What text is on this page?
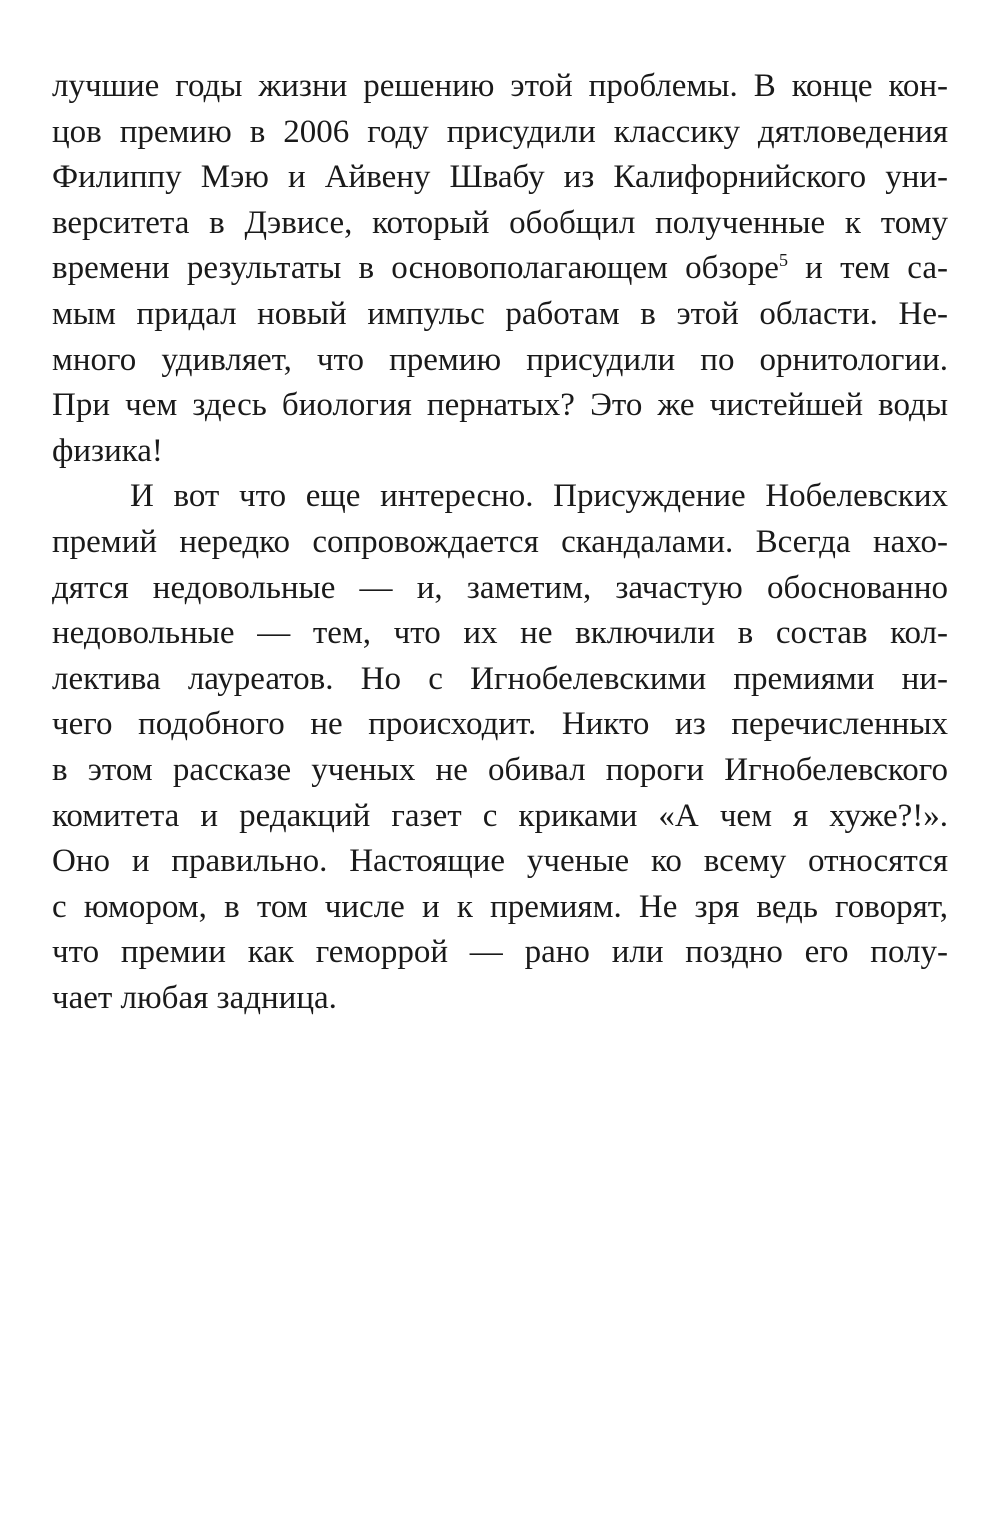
лучшие годы жизни решению этой проблемы. В конце кон-
цов премию в 2006 году присудили классику дятловедения
Филиппу Мэю и Айвену Швабу из Калифорнийского уни-
верситета в Дэвисе, который обобщил полученные к тому
времени результаты в основополагающем обзоре$^5$ и тем са-
мым придал новый импульс работам в этой области. Не-
много удивляет, что премию присудили по орнитологии.
При чем здесь биология пернатых? Это же чистейшей воды
физика!
И вот что еще интересно. Присуждение Нобелевских
премий нередко сопровождается скандалами. Всегда нахо-
дятся недовольные — и, заметим, зачастую обоснованно
недовольные — тем, что их не включили в состав кол-
лектива лауреатов. Но с Игнобелевскими премиями ни-
чего подобного не происходит. Никто из перечисленных
в этом рассказе ученых не обивал пороги Игнобелевского
комитета и редакций газет с криками «А чем я хуже?!».
Оно и правильно. Настоящие ученые ко всему относятся
с юмором, в том числе и к премиям. Не зря ведь говорят,
что премии как геморрой — рано или поздно его полу-
чает любая задница.
